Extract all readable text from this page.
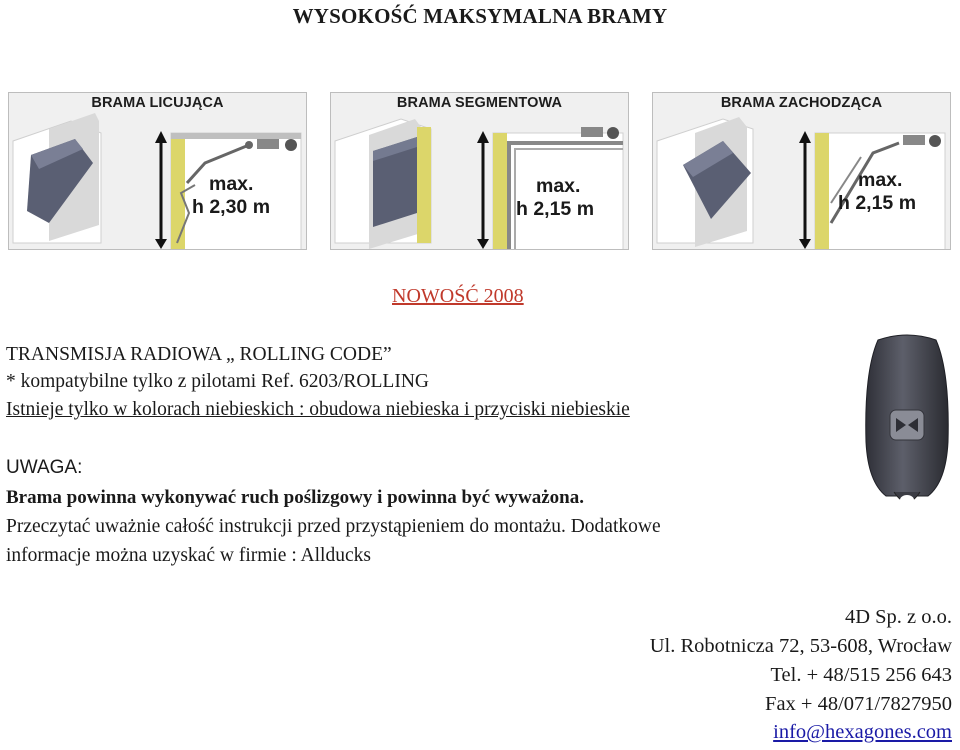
WYSOKOŚĆ MAKSYMALNA BRAMY
BRAMA LICUJĄCA
max.
h 2,30 m
BRAMA SEGMENTOWA
max.
h 2,15 m
BRAMA ZACHODZĄCA
max.
h 2,15 m
NOWOŚĆ 2008
TRANSMISJA RADIOWA „ ROLLING CODE”
* kompatybilne tylko z pilotami Ref. 6203/ROLLING
Istnieje tylko w kolorach niebieskich : obudowa niebieska i przyciski niebieskie
UWAGA:
Brama powinna wykonywać ruch poślizgowy i powinna być wyważona.
Przeczytać uważnie całość instrukcji przed przystąpieniem do montażu. Dodatkowe
informacje można uzyskać w firmie : Allducks
4D Sp. z o.o.
Ul. Robotnicza 72, 53-608, Wrocław
Tel. + 48/515 256 643
Fax + 48/071/7827950
info@hexagones.com
